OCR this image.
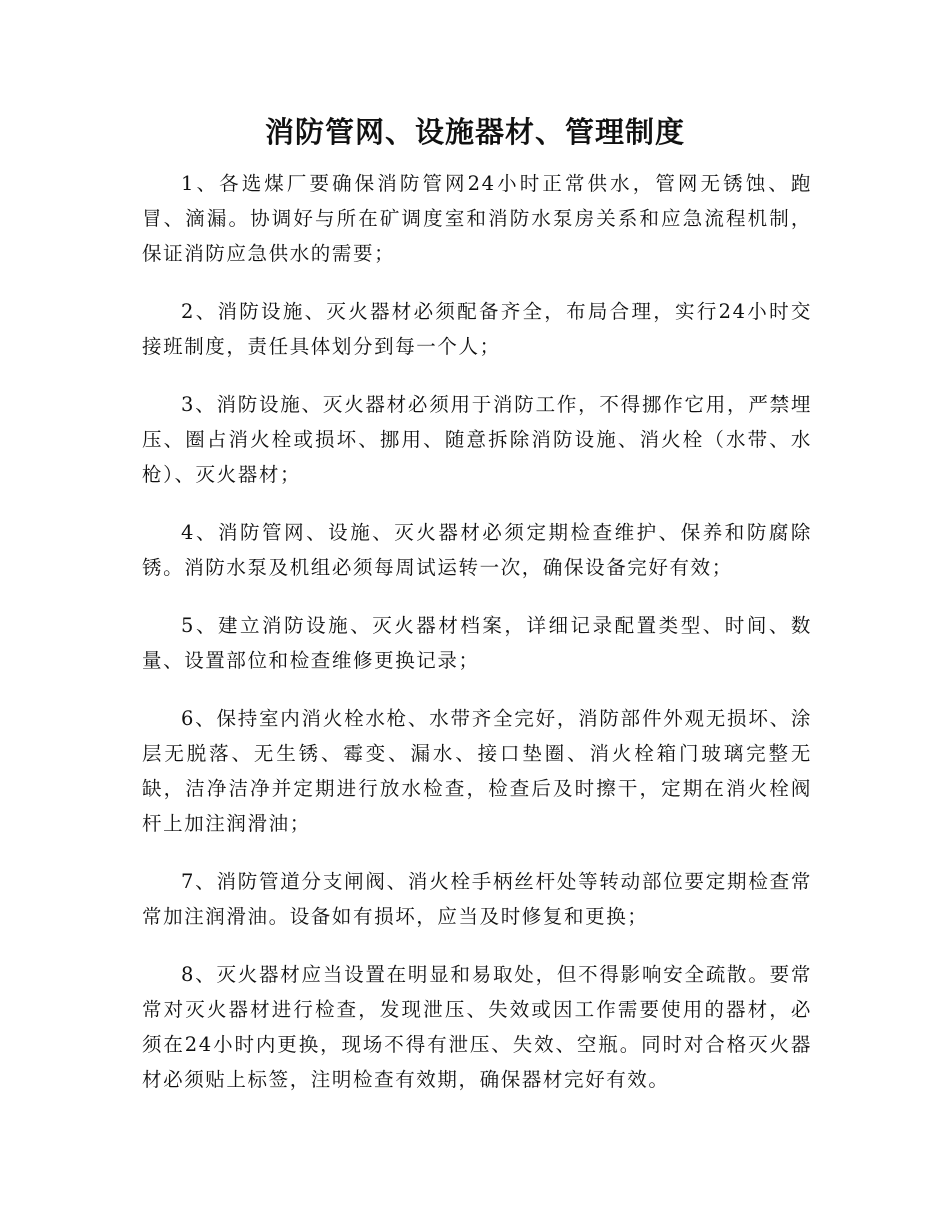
消防管网、设施器材、管理制度

1、各选煤厂要确保消防管网24小时正常供水，管网无锈蚀、跑冒、滴漏。协调好与所在矿调度室和消防水泵房关系和应急流程机制，保证消防应急供水的需要；

2、消防设施、灭火器材必须配备齐全，布局合理，实行24小时交接班制度，责任具体划分到每一个人；

3、消防设施、灭火器材必须用于消防工作，不得挪作它用，严禁埋压、圈占消火栓或损坏、挪用、随意拆除消防设施、消火栓（水带、水枪）、灭火器材；

4、消防管网、设施、灭火器材必须定期检查维护、保养和防腐除锈。消防水泵及机组必须每周试运转一次，确保设备完好有效；

5、建立消防设施、灭火器材档案，详细记录配置类型、时间、数量、设置部位和检查维修更换记录；

6、保持室内消火栓水枪、水带齐全完好，消防部件外观无损坏、涂层无脱落、无生锈、霉变、漏水、接口垫圈、消火栓箱门玻璃完整无缺，洁净洁净并定期进行放水检查，检查后及时擦干，定期在消火栓阀杆上加注润滑油；

7、消防管道分支闸阀、消火栓手柄丝杆处等转动部位要定期检查常常加注润滑油。设备如有损坏，应当及时修复和更换；

8、灭火器材应当设置在明显和易取处，但不得影响安全疏散。要常常对灭火器材进行检查，发现泄压、失效或因工作需要使用的器材，必须在24小时内更换，现场不得有泄压、失效、空瓶。同时对合格灭火器材必须贴上标签，注明检查有效期，确保器材完好有效。
